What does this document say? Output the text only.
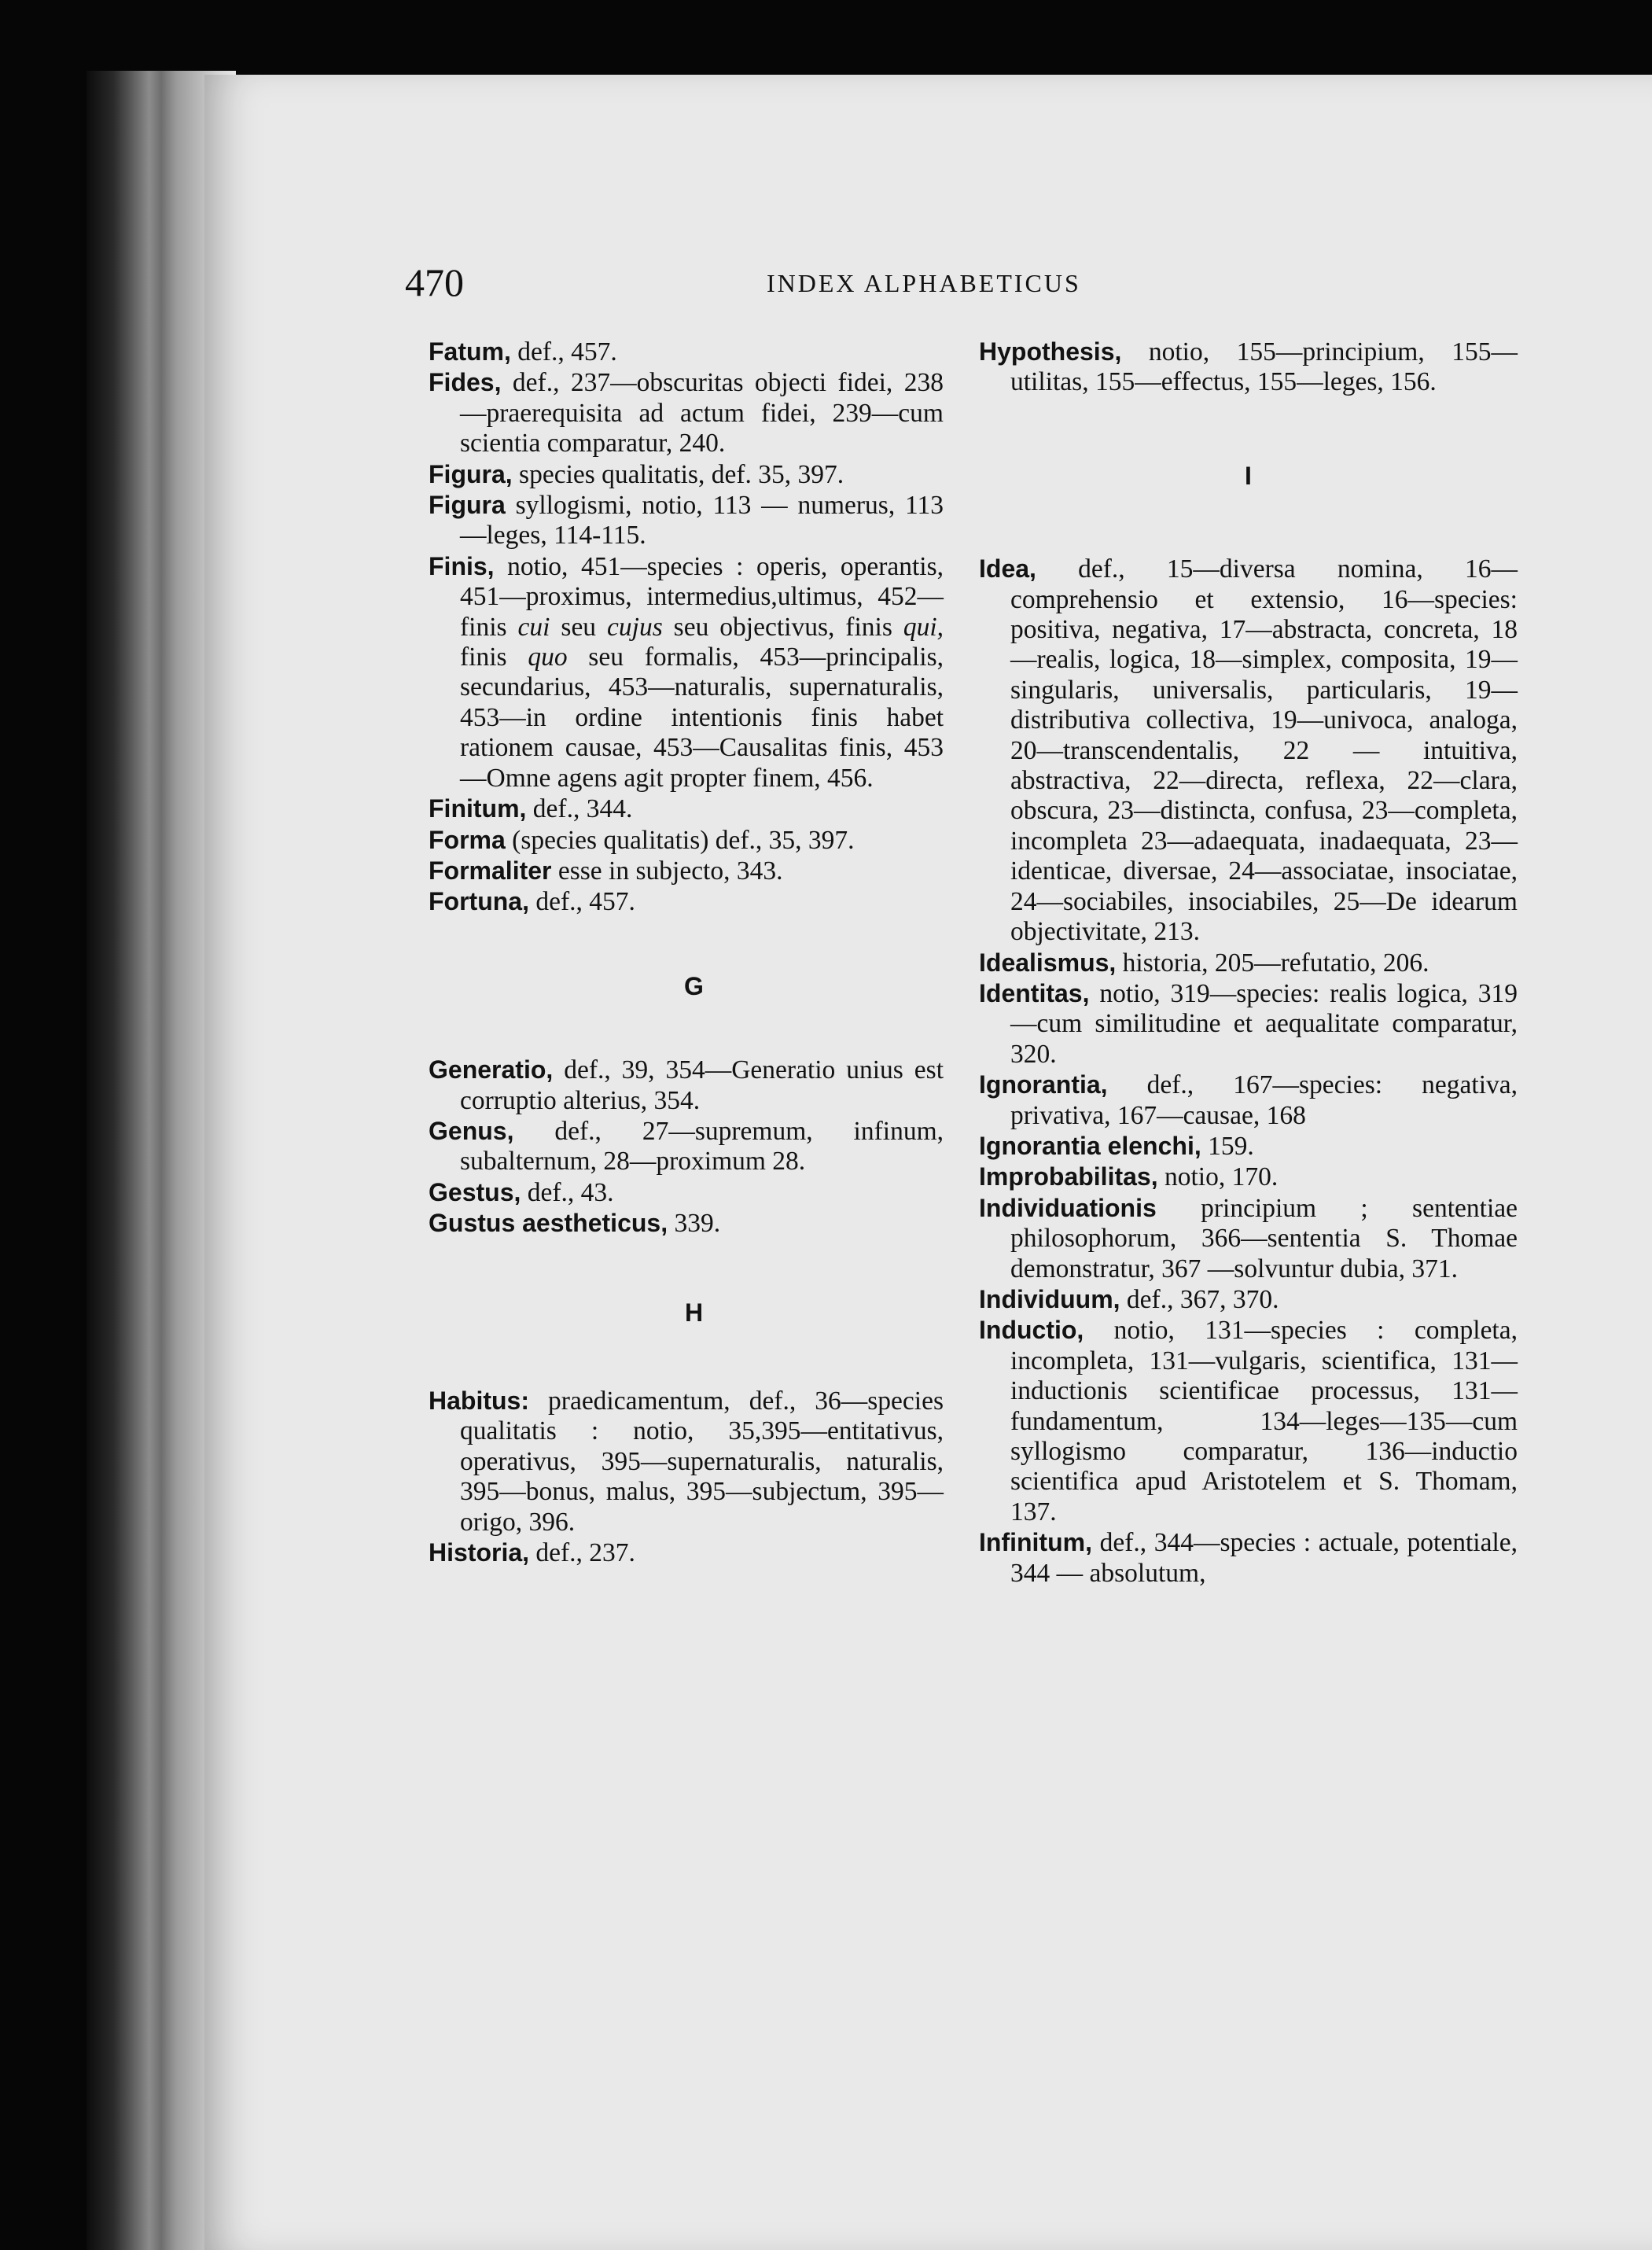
470	INDEX ALPHABETICUS

Fatum, def., 457.

Fides, def., 237—obscuritas objecti fidei, 238—praerequisita ad actum fidei, 239—cum scientia comparatur, 240.

Figura, species qualitatis, def. 35, 397.

Figura syllogismi, notio, 113 — numerus, 113—leges, 114-115.

Finis, notio, 451—species : operis, operantis, 451—proximus, intermedius,ultimus, 452—finis cui seu cujus seu objectivus, finis qui, finis quo seu formalis, 453—principalis, secundarius, 453—naturalis, supernaturalis, 453—in ordine intentionis finis habet rationem causae, 453—Causalitas finis, 453 —Omne agens agit propter finem, 456.

Finitum, def., 344.

Forma (species qualitatis) def., 35, 397.

Formaliter esse in subjecto, 343.

Fortuna, def., 457.

G

Generatio, def., 39, 354—Generatio unius est corruptio alterius, 354.

Genus, def., 27—supremum, infinum, subalternum, 28—proximum 28.

Gestus, def., 43.

Gustus aestheticus, 339.

H

Habitus: praedicamentum, def., 36—species qualitatis : notio, 35,395—entitativus, operativus, 395—supernaturalis, naturalis, 395—bonus, malus, 395—subjectum, 395—origo, 396.

Historia, def., 237.

Hypothesis, notio, 155—principium, 155—utilitas, 155—effectus, 155—leges, 156.

I

Idea, def., 15—diversa nomina, 16—comprehensio et extensio, 16—species: positiva, negativa, 17—abstracta, concreta, 18—realis, logica, 18—simplex, composita, 19—singularis, universalis, particularis, 19—distributiva collectiva, 19—univoca, analoga, 20—transcendentalis, 22 — intuitiva, abstractiva, 22—directa, reflexa, 22—clara, obscura, 23—distincta, confusa, 23—completa, incompleta 23—adaequata, inadaequata, 23—identicae, diversae, 24—associatae, insociatae, 24—sociabiles, insociabiles, 25—De idearum objectivitate, 213.

Idealismus, historia, 205—refutatio, 206.

Identitas, notio, 319—species: realis logica, 319—cum similitudine et aequalitate comparatur, 320.

Ignorantia, def., 167—species: negativa, privativa, 167—causae, 168

Ignorantia elenchi, 159.

Improbabilitas, notio, 170.

Individuationis principium ; sententiae philosophorum, 366—sententia S. Thomae demonstratur, 367 —solvuntur dubia, 371.

Individuum, def., 367, 370.

Inductio, notio, 131—species : completa, incompleta, 131—vulgaris, scientifica, 131—inductionis scientificae processus, 131—fundamentum, 134—leges—135—cum syllogismo comparatur, 136—inductio scientifica apud Aristotelem et S. Thomam, 137.

Infinitum, def., 344—species : actuale, potentiale, 344 — absolutum,
